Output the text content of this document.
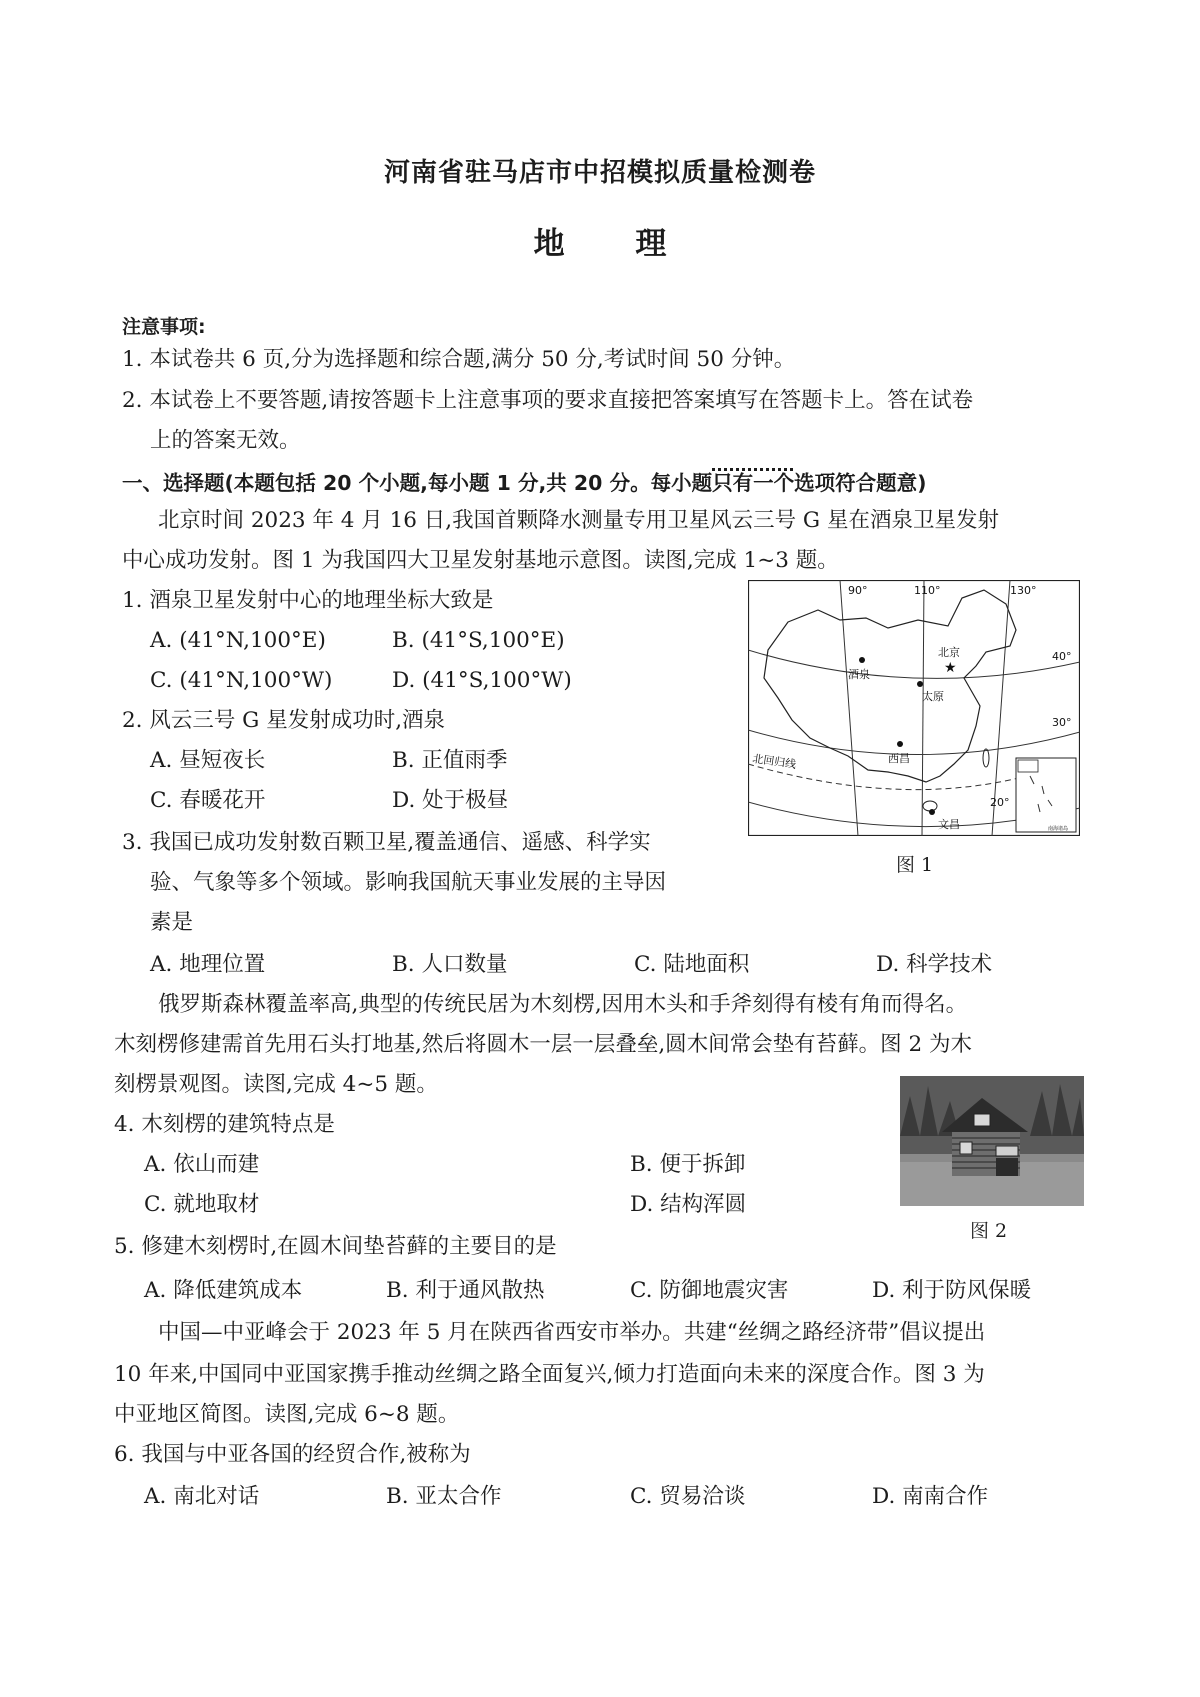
河南省驻马店市中招模拟质量检测卷
地 理
注意事项:
1. 本试卷共 6 页,分为选择题和综合题,满分 50 分,考试时间 50 分钟。
2. 本试卷上不要答题,请按答题卡上注意事项的要求直接把答案填写在答题卡上。答在试卷
上的答案无效。
一、选择题(本题包括 20 个小题,每小题 1 分,共 20 分。每小题只有一个选项符合题意)
北京时间 2023 年 4 月 16 日,我国首颗降水测量专用卫星风云三号 G 星在酒泉卫星发射
中心成功发射。图 1 为我国四大卫星发射基地示意图。读图,完成 1~3 题。
1. 酒泉卫星发射中心的地理坐标大致是
A. (41°N,100°E)	B. (41°S,100°E)
C. (41°N,100°W)	D. (41°S,100°W)
2. 风云三号 G 星发射成功时,酒泉
A. 昼短夜长	B. 正值雨季
C. 春暖花开	D. 处于极昼
3. 我国已成功发射数百颗卫星,覆盖通信、遥感、科学实
验、气象等多个领域。影响我国航天事业发展的主导因
素是
A. 地理位置	B. 人口数量	C. 陆地面积	D. 科学技术
★
90°	110°	130°
40°
30°
20°
北京
酒泉
太原
西昌
文昌
北回归线
南海诸岛
图 1
俄罗斯森林覆盖率高,典型的传统民居为木刻楞,因用木头和手斧刻得有棱有角而得名。
木刻楞修建需首先用石头打地基,然后将圆木一层一层叠垒,圆木间常会垫有苔藓。图 2 为木
刻楞景观图。读图,完成 4~5 题。
4. 木刻楞的建筑特点是
A. 依山而建	B. 便于拆卸
C. 就地取材	D. 结构浑圆
图 2
5. 修建木刻楞时,在圆木间垫苔藓的主要目的是
A. 降低建筑成本	B. 利于通风散热	C. 防御地震灾害	D. 利于防风保暖
中国—中亚峰会于 2023 年 5 月在陕西省西安市举办。共建“丝绸之路经济带”倡议提出
10 年来,中国同中亚国家携手推动丝绸之路全面复兴,倾力打造面向未来的深度合作。图 3 为
中亚地区简图。读图,完成 6~8 题。
6. 我国与中亚各国的经贸合作,被称为
A. 南北对话	B. 亚太合作	C. 贸易洽谈	D. 南南合作
